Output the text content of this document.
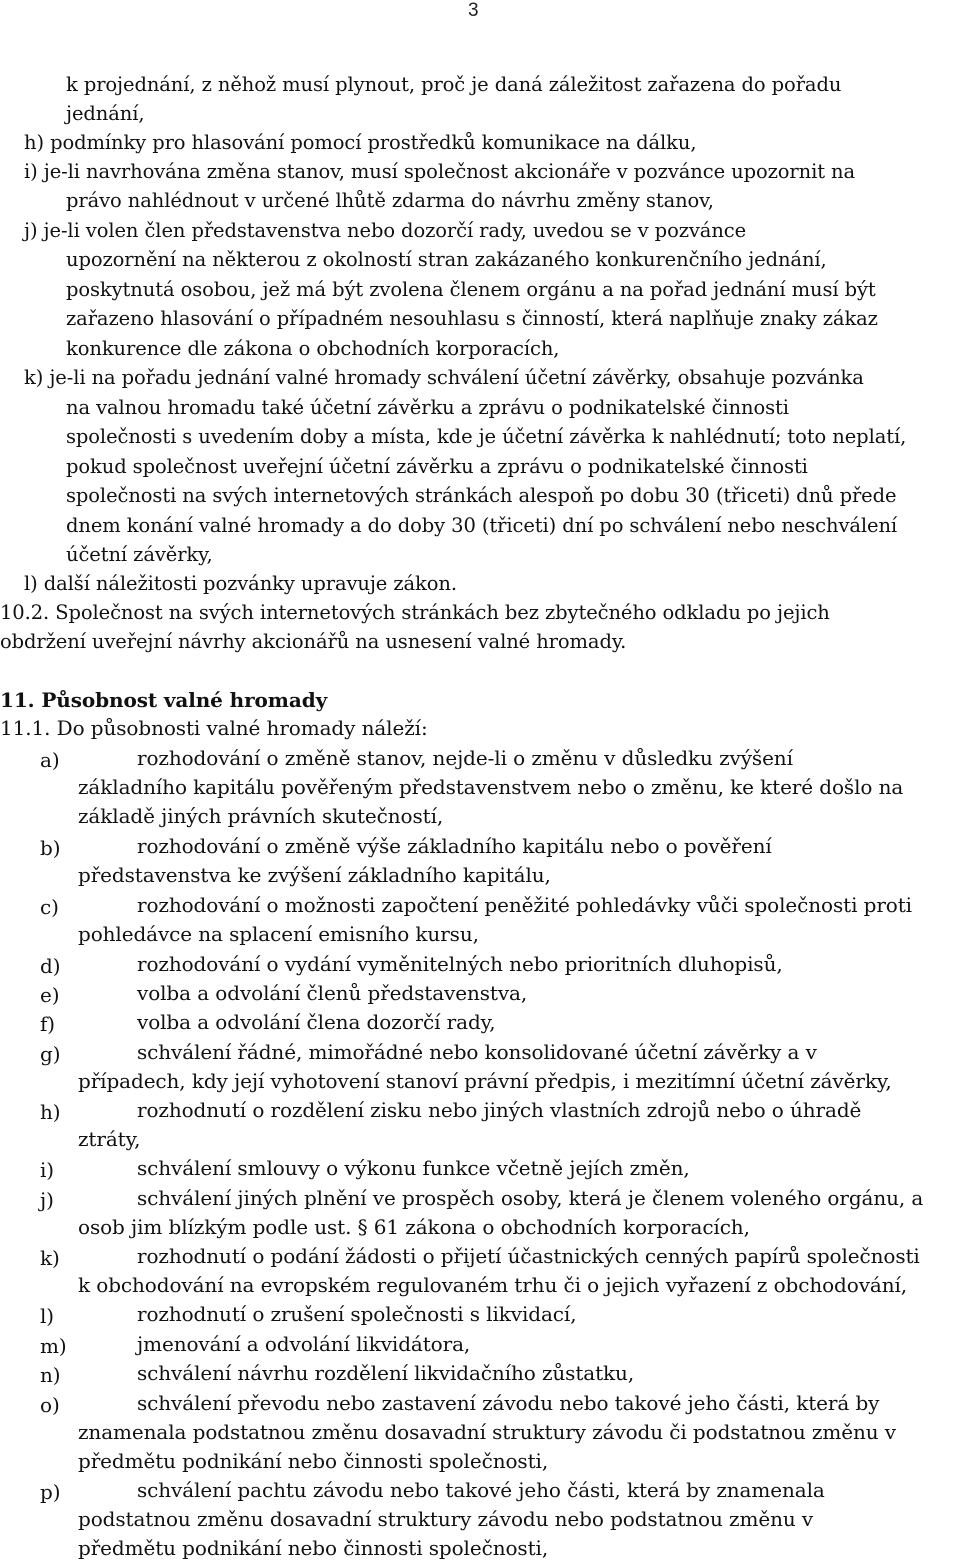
3
k projednání, z něhož musí plynout, proč je daná záležitost zařazena do pořadu
jednání,
h) podmínky pro hlasování pomocí prostředků komunikace na dálku,
i) je-li navrhována změna stanov, musí společnost akcionáře v pozvánce upozornit na
právo nahlédnout v určené lhůtě zdarma do návrhu změny stanov,
j) je-li volen člen představenstva nebo dozorčí rady, uvedou se v pozvánce
upozornění na některou z okolností stran zakázaného konkurenčního jednání,
poskytnutá osobou, jež má být zvolena členem orgánu a na pořad jednání musí být
zařazeno hlasování o případném nesouhlasu s činností, která naplňuje znaky zákaz
konkurence dle zákona o obchodních korporacích,
k) je-li na pořadu jednání valné hromady schválení účetní závěrky, obsahuje pozvánka
na valnou hromadu také účetní závěrku a zprávu o podnikatelské činnosti
společnosti s uvedením doby a místa, kde je účetní závěrka k nahlédnutí; toto neplatí,
pokud společnost uveřejní účetní závěrku a zprávu o podnikatelské činnosti
společnosti na svých internetových stránkách alespoň po dobu 30 (třiceti) dnů přede
dnem konání valné hromady a do doby 30 (třiceti) dní po schválení nebo neschválení
účetní závěrky,
l) další náležitosti pozvánky upravuje zákon.
10.2. Společnost na svých internetových stránkách bez zbytečného odkladu po jejich
obdržení uveřejní návrhy akcionářů na usnesení valné hromady.
11. Působnost valné hromady
11.1. Do působnosti valné hromady náleží:
a)	rozhodování o změně stanov, nejde-li o změnu v důsledku zvýšení
základního kapitálu pověřeným představenstvem nebo o změnu, ke které došlo na
základě jiných právních skutečností,
b)	rozhodování o změně výše základního kapitálu nebo o pověření
představenstva ke zvýšení základního kapitálu,
c)	rozhodování o možnosti započtení peněžité pohledávky vůči společnosti proti
pohledávce na splacení emisního kursu,
d)	rozhodování o vydání vyměnitelných nebo prioritních dluhopisů,
e)	volba a odvolání členů představenstva,
f)	volba a odvolání člena dozorčí rady,
g)	schválení řádné, mimořádné nebo konsolidované účetní závěrky a v
případech, kdy její vyhotovení stanoví právní předpis, i mezitímní účetní závěrky,
h)	rozhodnutí o rozdělení zisku nebo jiných vlastních zdrojů nebo o úhradě
ztráty,
i)	schválení smlouvy o výkonu funkce včetně jejích změn,
j)	schválení jiných plnění ve prospěch osoby, která je členem voleného orgánu, a
osob jim blízkým podle ust. § 61 zákona o obchodních korporacích,
k)	rozhodnutí o podání žádosti o přijetí účastnických cenných papírů společnosti
k obchodování na evropském regulovaném trhu či o jejich vyřazení z obchodování,
l)	rozhodnutí o zrušení společnosti s likvidací,
m)	jmenování a odvolání likvidátora,
n)	schválení návrhu rozdělení likvidačního zůstatku,
o)	schválení převodu nebo zastavení závodu nebo takové jeho části, která by
znamenala podstatnou změnu dosavadní struktury závodu či podstatnou změnu v
předmětu podnikání nebo činnosti společnosti,
p)	schválení pachtu závodu nebo takové jeho části, která by znamenala
podstatnou změnu dosavadní struktury závodu nebo podstatnou změnu v
předmětu podnikání nebo činnosti společnosti,
